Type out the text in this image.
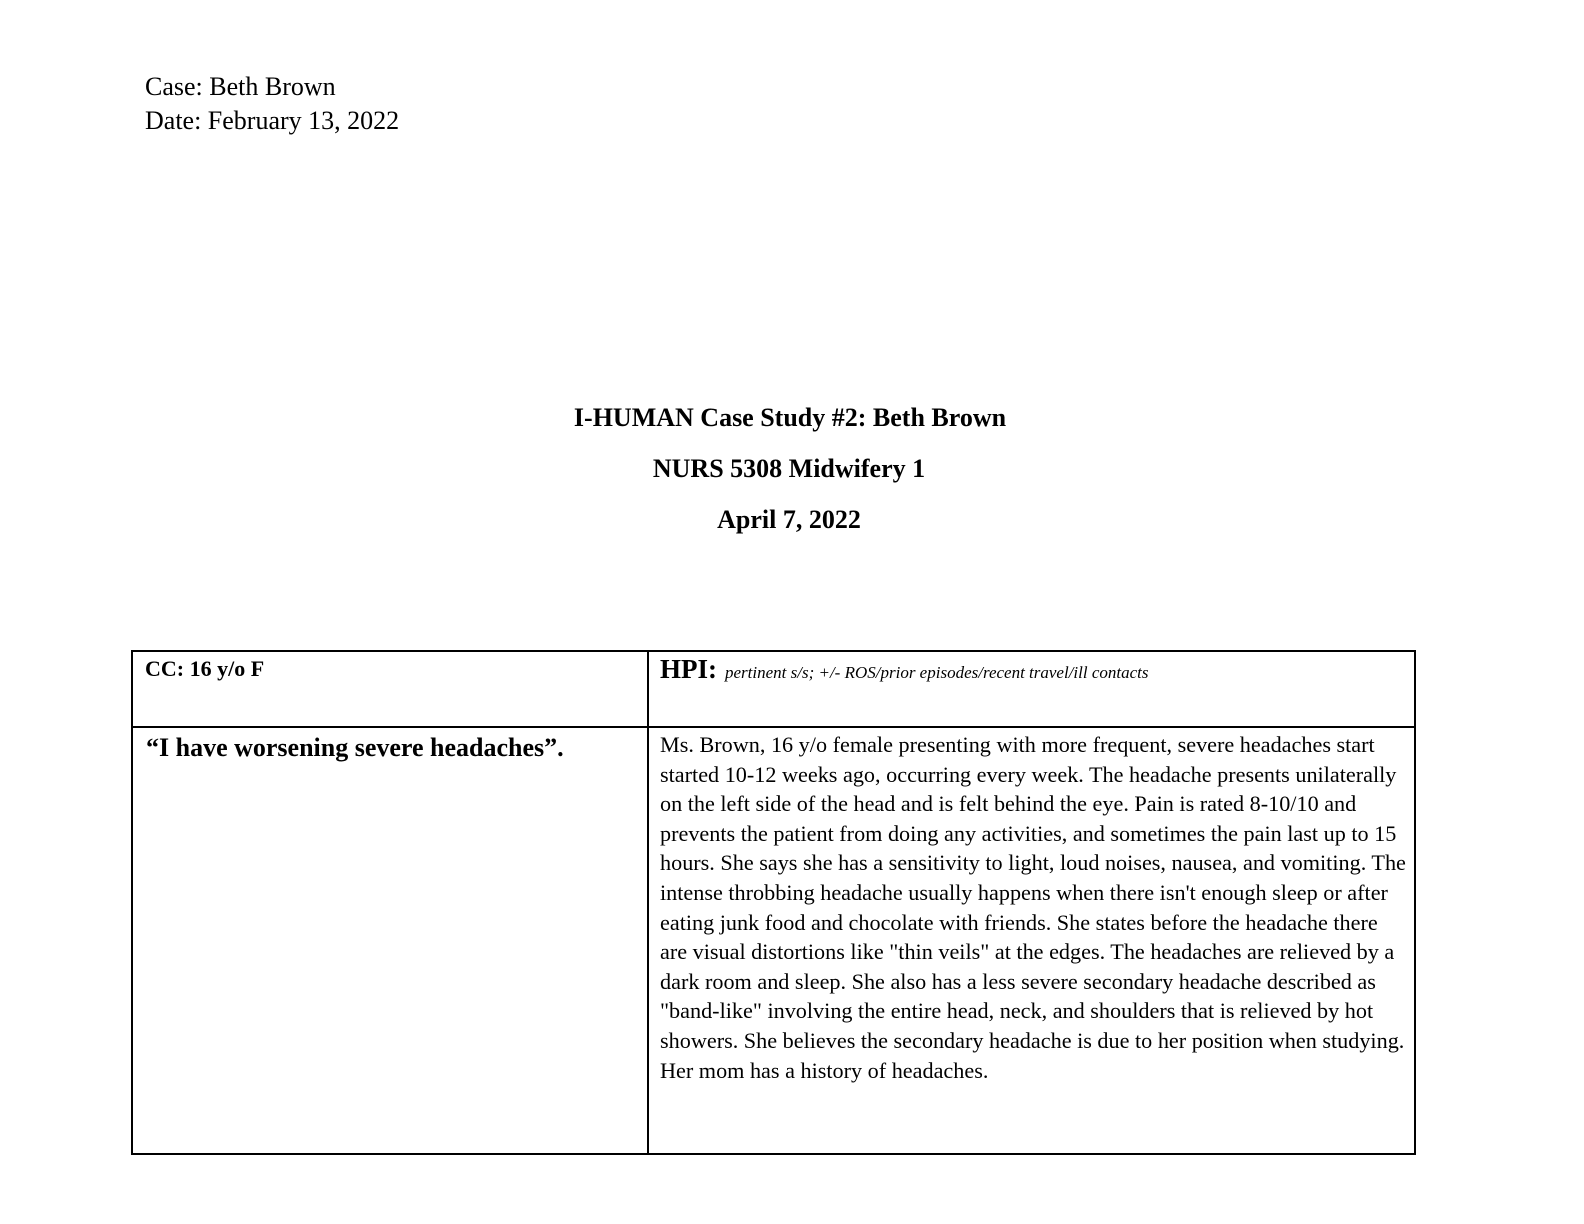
Case: Beth Brown
Date: February 13, 2022
I-HUMAN Case Study #2: Beth Brown
NURS 5308 Midwifery 1
April 7, 2022
CC: 16 y/o F	HPI: pertinent s/s; +/- ROS/prior episodes/recent travel/ill contacts

“I have worsening severe headaches”.	Ms. Brown, 16 y/o female presenting with more frequent, severe headaches start started 10-12 weeks ago, occurring every week. The headache presents unilaterally on the left side of the head and is felt behind the eye. Pain is rated 8-10/10 and prevents the patient from doing any activities, and sometimes the pain last up to 15 hours. She says she has a sensitivity to light, loud noises, nausea, and vomiting. The intense throbbing headache usually happens when there isn't enough sleep or after eating junk food and chocolate with friends. She states before the headache there are visual distortions like "thin veils" at the edges. The headaches are relieved by a dark room and sleep. She also has a less severe secondary headache described as "band-like" involving the entire head, neck, and shoulders that is relieved by hot showers. She believes the secondary headache is due to her position when studying. Her mom has a history of headaches.
